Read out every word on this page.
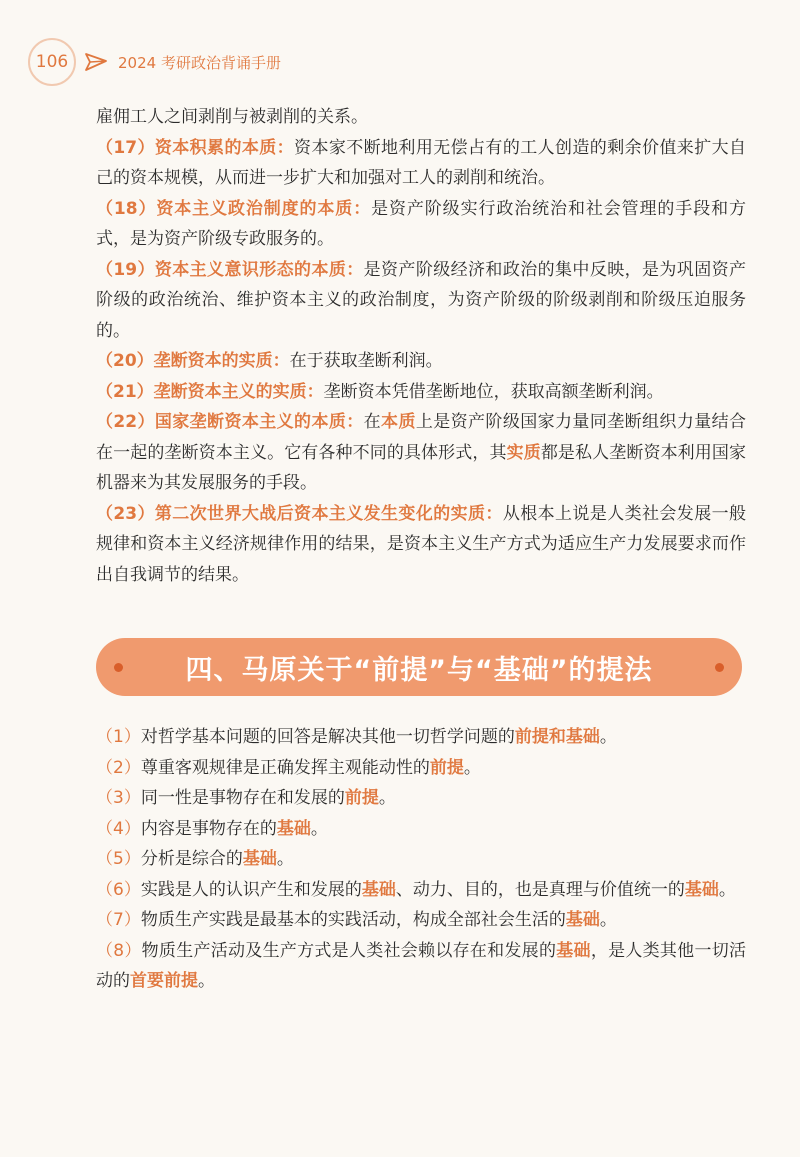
106	2024 考研政治背诵手册

雇佣工人之间剥削与被剥削的关系。

（17）资本积累的本质：资本家不断地利用无偿占有的工人创造的剩余价值来扩大自己的资本规模，从而进一步扩大和加强对工人的剥削和统治。

（18）资本主义政治制度的本质：是资产阶级实行政治统治和社会管理的手段和方式，是为资产阶级专政服务的。

（19）资本主义意识形态的本质：是资产阶级经济和政治的集中反映，是为巩固资产阶级的政治统治、维护资本主义的政治制度，为资产阶级的阶级剥削和阶级压迫服务的。

（20）垄断资本的实质：在于获取垄断利润。

（21）垄断资本主义的实质：垄断资本凭借垄断地位，获取高额垄断利润。

（22）国家垄断资本主义的本质：在本质上是资产阶级国家力量同垄断组织力量结合在一起的垄断资本主义。它有各种不同的具体形式，其实质都是私人垄断资本利用国家机器来为其发展服务的手段。

（23）第二次世界大战后资本主义发生变化的实质：从根本上说是人类社会发展一般规律和资本主义经济规律作用的结果，是资本主义生产方式为适应生产力发展要求而作出自我调节的结果。

四、马原关于“前提”与“基础”的提法

（1）对哲学基本问题的回答是解决其他一切哲学问题的前提和基础。

（2）尊重客观规律是正确发挥主观能动性的前提。

（3）同一性是事物存在和发展的前提。

（4）内容是事物存在的基础。

（5）分析是综合的基础。

（6）实践是人的认识产生和发展的基础、动力、目的，也是真理与价值统一的基础。

（7）物质生产实践是最基本的实践活动，构成全部社会生活的基础。

（8）物质生产活动及生产方式是人类社会赖以存在和发展的基础，是人类其他一切活动的首要前提。
